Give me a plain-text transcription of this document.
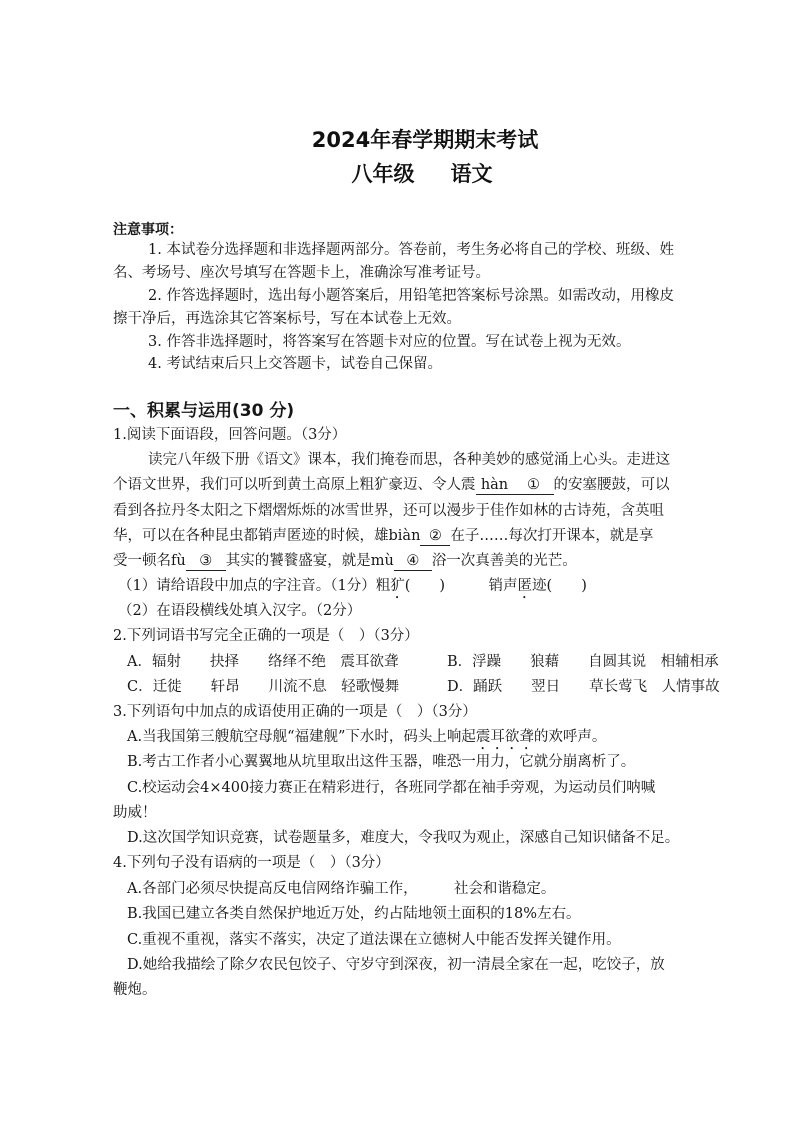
2024年春学期期末考试
八年级 语文
注意事项：
1. 本试卷分选择题和非选择题两部分。答卷前，考生务必将自己的学校、班级、姓
名、考场号、座次号填写在答题卡上，准确涂写准考证号。
2. 作答选择题时，选出每小题答案后，用铅笔把答案标号涂黑。如需改动，用橡皮
擦干净后，再选涂其它答案标号，写在本试卷上无效。
3. 作答非选择题时，将答案写在答题卡对应的位置。写在试卷上视为无效。
4. 考试结束后只上交答题卡，试卷自己保留。
一、积累与运用(30 分)
1.阅读下面语段，回答问题。（3分）
读完八年级下册《语文》课本，我们掩卷而思，各种美妙的感觉涌上心头。走进这
个语文世界，我们可以听到黄土高原上粗犷豪迈、令人震 hàn ① 的安塞腰鼓，可以
看到各拉丹冬太阳之下熠熠烁烁的冰雪世界，还可以漫步于佳作如林的古诗苑，含英咀
华，可以在各种昆虫都销声匿迹的时候，雄biàn ② 在子……每次打开课本，就是享
受一顿名fù ③ 其实的饕餮盛宴，就是mù ④ 浴一次真善美的光芒。
（1）请给语段中加点的字注音。（1分）粗犷(　　)　　　销声匿迹(　　)
（2）在语段横线处填入汉字。（2分）
2.下列词语书写完全正确的一项是（　）（3分）
A．辐射　　抉择　　络绎不绝　震耳欲聋	B．浮躁　　狼藉　　自圆其说　相辅相承
C．迁徙　　轩昂　　川流不息　轻歌慢舞	D．踊跃　　翌日　　草长莺飞　人情事故
3.下列语句中加点的成语使用正确的一项是（　）（3分）
A.当我国第三艘航空母舰“福建舰”下水时，码头上响起震耳欲聋的欢呼声。
B.考古工作者小心翼翼地从坑里取出这件玉器，唯恐一用力，它就分崩离析了。
C.校运动会4×400接力赛正在精彩进行，各班同学都在袖手旁观，为运动员们呐喊
助威！
D.这次国学知识竞赛，试卷题量多，难度大，令我叹为观止，深感自己知识储备不足。
4.下列句子没有语病的一项是（　）（3分）
A.各部门必须尽快提高反电信网络诈骗工作，　　　社会和谐稳定。
B.我国已建立各类自然保护地近万处，约占陆地领土面积的18%左右。
C.重视不重视，落实不落实，决定了道法课在立德树人中能否发挥关键作用。
D.她给我描绘了除夕农民包饺子、守岁守到深夜，初一清晨全家在一起，吃饺子，放
鞭炮。
